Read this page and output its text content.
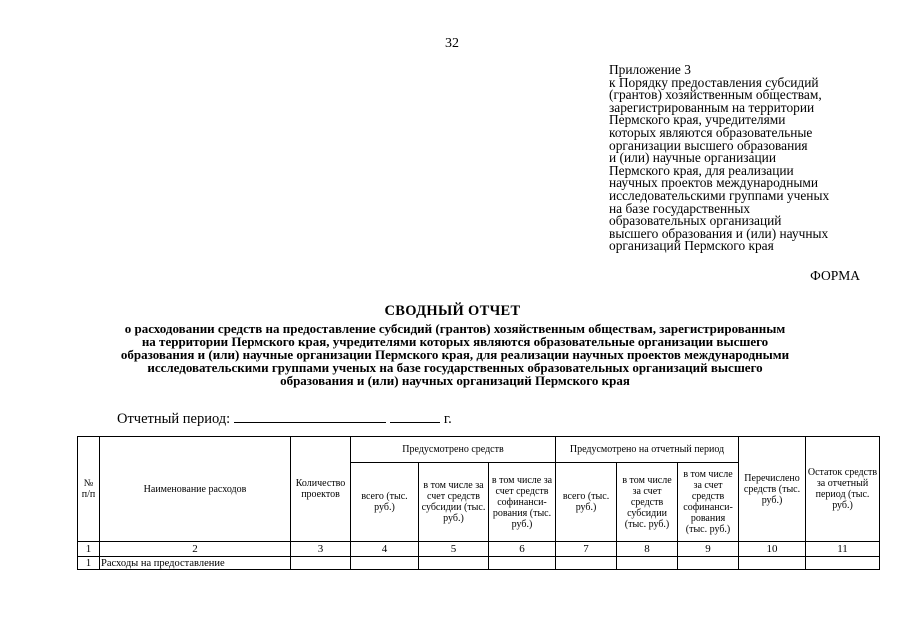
32
Приложение 3
к Порядку предоставления субсидий
(грантов) хозяйственным обществам,
зарегистрированным на территории
Пермского края, учредителями
которых являются образовательные
организации высшего образования
и (или) научные организации
Пермского края, для реализации
научных проектов международными
исследовательскими группами ученых
на базе государственных
образовательных организаций
высшего образования и (или) научных
организаций Пермского края
ФОРМА
СВОДНЫЙ ОТЧЕТ
о расходовании средств на предоставление субсидий (грантов) хозяйственным обществам, зарегистрированным
на территории Пермского края, учредителями которых являются образовательные организации высшего
образования и (или) научные организации Пермского края, для реализации научных проектов международными
исследовательскими группами ученых на базе государственных образовательных организаций высшего
образования и (или) научных организаций Пермского края
Отчетный период:	г.
№ п/п	Наименование расходов	Количество проектов	Предусмотрено средств			Предусмотрено на отчетный период			Перечислено средств (тыс. руб.)	Остаток средств за отчетный период (тыс. руб.)
			всего (тыс. руб.)	в том числе за счет средств субсидии (тыс. руб.)	в том числе за счет средств софинанси-рования (тыс. руб.)	всего (тыс. руб.)	в том числе за счет средств субсидии (тыс. руб.)	в том числе за счет средств софинанси-рования (тыс. руб.)		
1	2	3	4	5	6	7	8	9	10	11
1	Расходы на предоставление									
